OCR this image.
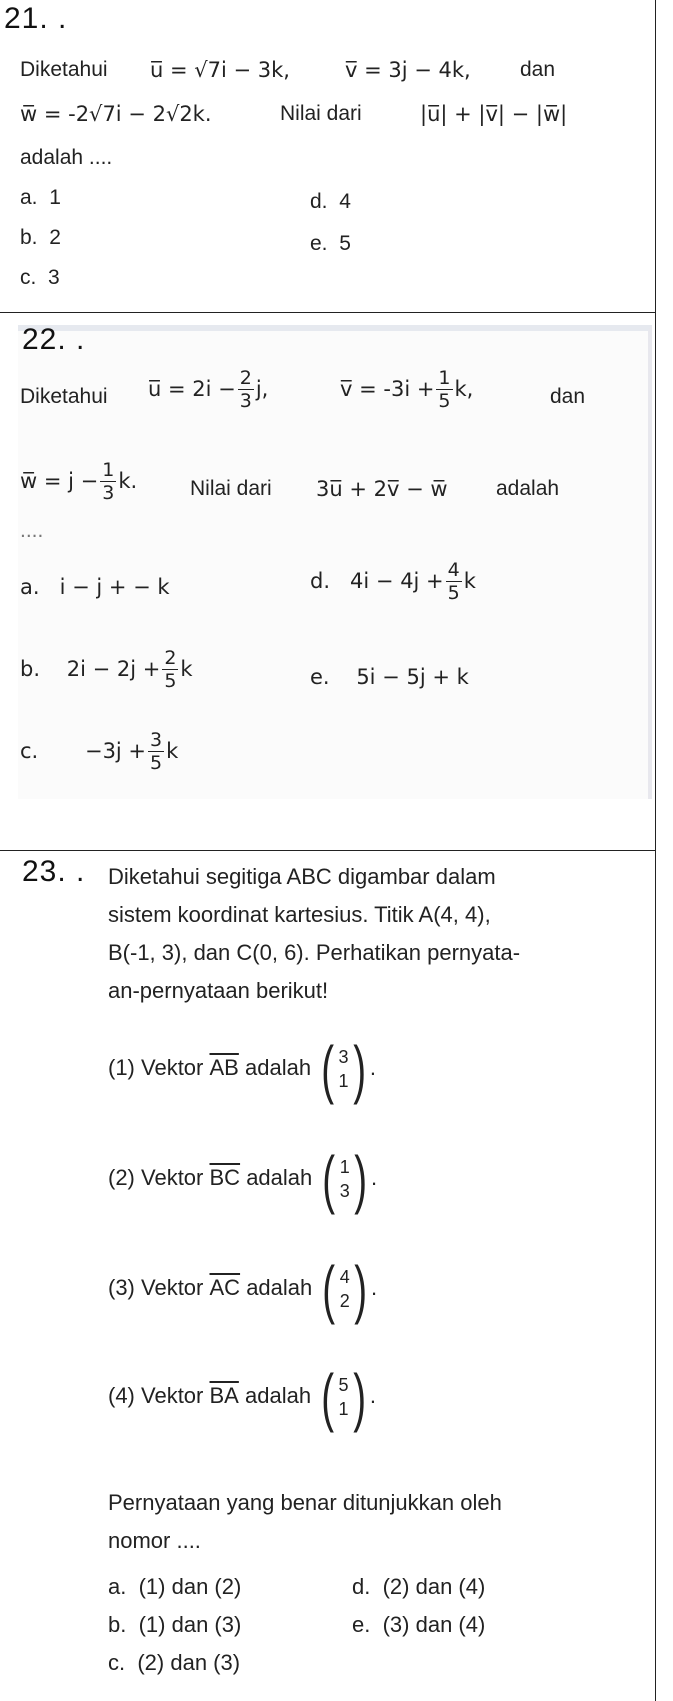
21. .
Diketahui u̅ = √7i − 3k,	v̅ = 3j − 4k, dan
w̅ = -2√7i − 2√2k.	Nilai dari	|u̅| + |v̅| − |w̅|
adalah ....
a. 1
b. 2
c. 3
d. 4
e. 5
22. .
Diketahui u̅ = $2i - \frac{2}{3} j$,	v̅ = $-3i + \frac{1}{5} k$,	dan
w̅ = $j - \frac{1}{3} k$.	Nilai dari 3u̅ + 2v̅ − w̅ adalah
....
a. i − j + − k	d. $4i - 4j + \frac{4}{5}$ k
b. $2i - 2j + \frac{2}{5}$ k	e. 5i − 5j + k
c. $-3j + \frac{3}{5}$ k
23. . Diketahui segitiga ABC digambar dalam
sistem koordinat kartesius. Titik A(4, 4),
B(-1, 3), dan C(0, 6). Perhatikan pernyata-
an-pernyataan berikut!
(1) Vektor $\overline{AB}$ adalah ( 3
1 ) .
(2) Vektor $\overline{BC}$ adalah ( 1
3 ) .
(3) Vektor $\overline{AC}$ adalah ( 4
2 ) .
(4) Vektor $\overline{BA}$ adalah ( 5
1 ) .
Pernyataan yang benar ditunjukkan oleh
nomor ....
a. (1) dan (2)
b. (1) dan (3)
c. (2) dan (3)
d. (2) dan (4)
e. (3) dan (4)
